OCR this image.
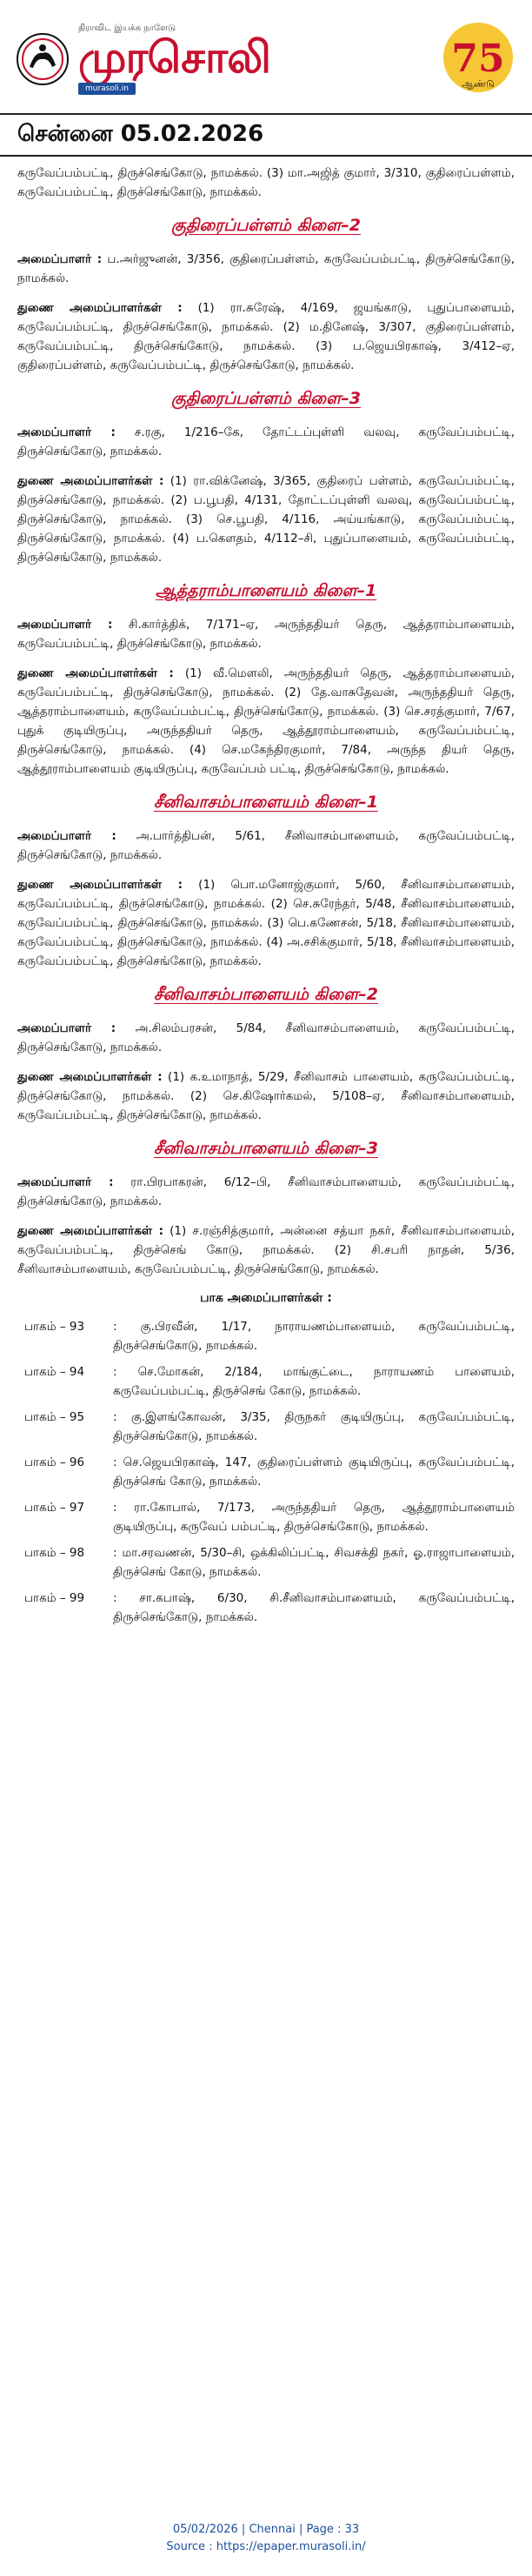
திராவிட இயக்க நாளேடு
முரசொலி
murasoli.in
75
ஆண்டு
சென்னை 05.02.2026

கருவேப்பம்பட்டி, திருச்செங்கோடு, நாமக்கல். (3) மா.அஜித் குமார், 3/310, குதிரைப்பள்ளம், கருவேப்பம்பட்டி, திருச்செங்கோடு, நாமக்கல்.

குதிரைப்பள்ளம் கிளை–2

அமைப்பாளர் : ப.அர்ஜுனன், 3/356, குதிரைப்பள்ளம், கருவேப்பம்பட்டி, திருச்செங்கோடு, நாமக்கல்.

துணை அமைப்பாளர்கள் : (1) ரா.சுரேஷ், 4/169, ஜயங்காடு, புதுப்பாளையம், கருவேப்பம்பட்டி, திருச்செங்கோடு, நாமக்கல். (2) ம.தினேஷ், 3/307, குதிரைப்பள்ளம், கருவேப்பம்பட்டி, திருச்செங்கோடு, நாமக்கல். (3) ப.ஜெயபிரகாஷ், 3/412–ஏ, குதிரைப்பள்ளம், கருவேப்பம்பட்டி, திருச்செங்கோடு, நாமக்கல்.

குதிரைப்பள்ளம் கிளை–3

அமைப்பாளர் : ச.ரகு, 1/216–கே, தோட்டப்புள்ளி வலவு, கருவேப்பம்பட்டி, திருச்செங்கோடு, நாமக்கல்.

துணை அமைப்பாளர்கள் : (1) ரா.விக்னேஷ், 3/365, குதிரைப் பள்ளம், கருவேப்பம்பட்டி, திருச்செங்கோடு, நாமக்கல். (2) ப.பூபதி, 4/131, தோட்டப்புள்ளி வலவு, கருவேப்பம்பட்டி, திருச்செங்கோடு, நாமக்கல். (3) செ.பூபதி, 4/116, அய்யங்காடு, கருவேப்பம்பட்டி, திருச்செங்கோடு, நாமக்கல். (4) ப.கௌதம், 4/112–சி, புதுப்பாளையம், கருவேப்பம்பட்டி, திருச்செங்கோடு, நாமக்கல்.

ஆத்தராம்பாளையம் கிளை–1

அமைப்பாளர் : சி.கார்த்திக், 7/171–ஏ, அருந்ததியர் தெரு, ஆத்தராம்பாளையம், கருவேப்பம்பட்டி, திருச்செங்கோடு, நாமக்கல்.

துணை அமைப்பாளர்கள் : (1) வீ.மௌலி, அருந்ததியர் தெரு, ஆத்தராம்பாளையம், கருவேப்பம்பட்டி, திருச்செங்கோடு, நாமக்கல். (2) தே.வாசுதேவன், அருந்ததியர் தெரு, ஆத்தராம்பாளையம், கருவேப்பம்பட்டி, திருச்செங்கோடு, நாமக்கல். (3) செ.சரத்குமார், 7/67, புதுக் குடியிருப்பு, அருந்ததியர் தெரு, ஆத்தூராம்பாளையம், கருவேப்பம்பட்டி, திருச்செங்கோடு, நாமக்கல். (4) செ.மகேந்திரகுமார், 7/84, அருந்த தியர் தெரு, ஆத்தூராம்பாளையம் குடியிருப்பு, கருவேப்பம் பட்டி, திருச்செங்கோடு, நாமக்கல்.

சீனிவாசம்பாளையம் கிளை–1

அமைப்பாளர் : அ.பார்த்திபன், 5/61, சீனிவாசம்பாளையம், கருவேப்பம்பட்டி, திருச்செங்கோடு, நாமக்கல்.

துணை அமைப்பாளர்கள் : (1) பொ.மனோஜ்குமார், 5/60, சீனிவாசம்பாளையம், கருவேப்பம்பட்டி, திருச்செங்கோடு, நாமக்கல். (2) செ.சுரேந்தர், 5/48, சீனிவாசம்பாளையம், கருவேப்பம்பட்டி, திருச்செங்கோடு, நாமக்கல். (3) பெ.கணேசன், 5/18, சீனிவாசம்பாளையம், கருவேப்பம்பட்டி, திருச்செங்கோடு, நாமக்கல். (4) அ.சசிக்குமார், 5/18, சீனிவாசம்பாளையம், கருவேப்பம்பட்டி, திருச்செங்கோடு, நாமக்கல்.

சீனிவாசம்பாளையம் கிளை–2

அமைப்பாளர் : அ.சிலம்பரசன், 5/84, சீனிவாசம்பாளையம், கருவேப்பம்பட்டி, திருச்செங்கோடு, நாமக்கல்.

துணை அமைப்பாளர்கள் : (1) க.உமாநாத், 5/29, சீனிவாசம் பாளையம், கருவேப்பம்பட்டி, திருச்செங்கோடு, நாமக்கல். (2) செ.கிஷோர்கமல், 5/108–ஏ, சீனிவாசம்பாளையம், கருவேப்பம்பட்டி, திருச்செங்கோடு, நாமக்கல்.

சீனிவாசம்பாளையம் கிளை–3

அமைப்பாளர் : ரா.பிரபாகரன், 6/12–பி, சீனிவாசம்பாளையம், கருவேப்பம்பட்டி, திருச்செங்கோடு, நாமக்கல்.

துணை அமைப்பாளர்கள் : (1) ச.ரஞ்சித்குமார், அன்னை சத்யா நகர், சீனிவாசம்பாளையம், கருவேப்பம்பட்டி, திருச்செங் கோடு, நாமக்கல். (2) சி.சபரி நாதன், 5/36, சீனிவாசம்பாளையம், கருவேப்பம்பட்டி, திருச்செங்கோடு, நாமக்கல்.

பாக அமைப்பாளர்கள் :
பாகம் – 93	: கு.பிரவீன், 1/17, நாராயணம்பாளையம், கருவேப்பம்பட்டி, திருச்செங்கோடு, நாமக்கல்.
பாகம் – 94	: செ.மோகன், 2/184, மாங்குட்டை, நாராயணம் பாளையம், கருவேப்பம்பட்டி, திருச்செங் கோடு, நாமக்கல்.
பாகம் – 95	: கு.இளங்கோவன், 3/35, திருநகர் குடியிருப்பு, கருவேப்பம்பட்டி, திருச்செங்கோடு, நாமக்கல்.
பாகம் – 96	: செ.ஜெயபிரகாஷ், 147, குதிரைப்பள்ளம் குடியிருப்பு, கருவேப்பம்பட்டி, திருச்செங் கோடு, நாமக்கல்.
பாகம் – 97	: ரா.கோபால், 7/173, அருந்ததியர் தெரு, ஆத்தூராம்பாளையம் குடியிருப்பு, கருவேப் பம்பட்டி, திருச்செங்கோடு, நாமக்கல்.
பாகம் – 98	: மா.சரவணன், 5/30–சி, ஒக்கிலிப்பட்டி, சிவசக்தி நகர், ஓ.ராஜாபாளையம், திருச்செங் கோடு, நாமக்கல்.
பாகம் – 99	: சா.கபாஷ், 6/30, சி.சீனிவாசம்பாளையம், கருவேப்பம்பட்டி, திருச்செங்கோடு, நாமக்கல்.
05/02/2026 | Chennai | Page : 33
Source : https://epaper.murasoli.in/
